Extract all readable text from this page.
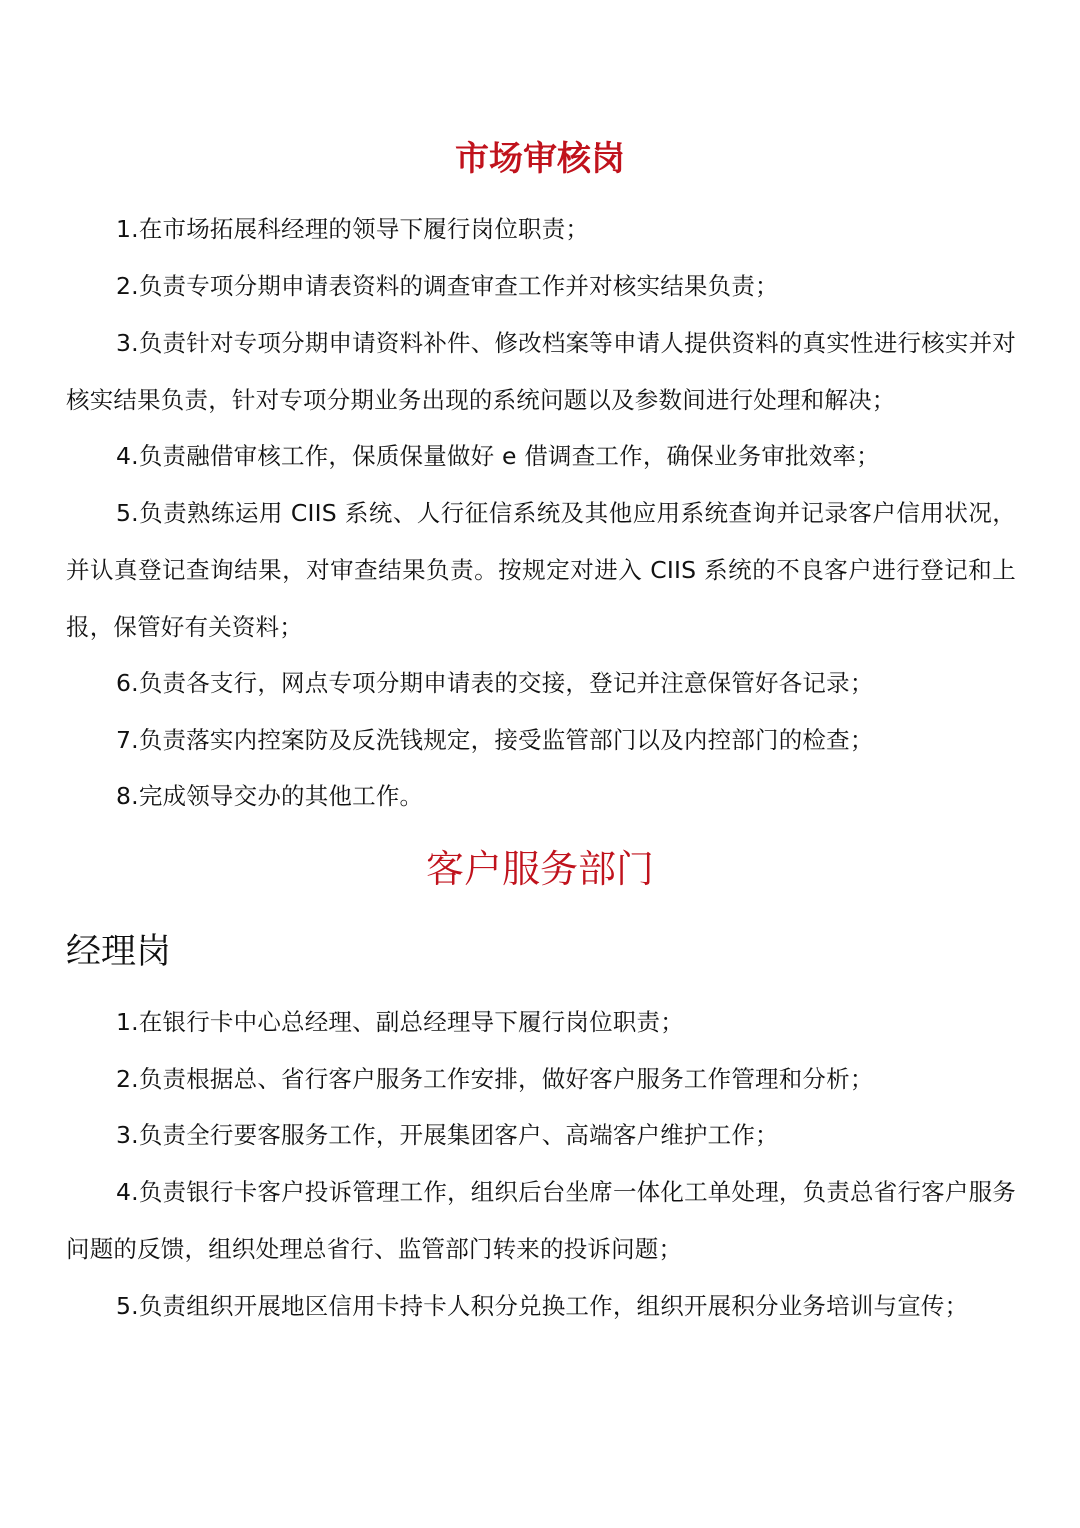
市场审核岗

1.在市场拓展科经理的领导下履行岗位职责；

2.负责专项分期申请表资料的调查审查工作并对核实结果负责；

3.负责针对专项分期申请资料补件、修改档案等申请人提供资料的真实性进行核实并对核实结果负责，针对专项分期业务出现的系统问题以及参数间进行处理和解决；

4.负责融借审核工作，保质保量做好 e 借调查工作，确保业务审批效率；

5.负责熟练运用 CIIS 系统、人行征信系统及其他应用系统查询并记录客户信用状况，并认真登记查询结果，对审查结果负责。按规定对进入 CIIS 系统的不良客户进行登记和上报，保管好有关资料；

6.负责各支行，网点专项分期申请表的交接，登记并注意保管好各记录；

7.负责落实内控案防及反洗钱规定，接受监管部门以及内控部门的检查；

8.完成领导交办的其他工作。

客户服务部门
经理岗

1.在银行卡中心总经理、副总经理导下履行岗位职责；

2.负责根据总、省行客户服务工作安排，做好客户服务工作管理和分析；

3.负责全行要客服务工作，开展集团客户、高端客户维护工作；

4.负责银行卡客户投诉管理工作，组织后台坐席一体化工单处理，负责总省行客户服务问题的反馈，组织处理总省行、监管部门转来的投诉问题；

5.负责组织开展地区信用卡持卡人积分兑换工作，组织开展积分业务培训与宣传；
